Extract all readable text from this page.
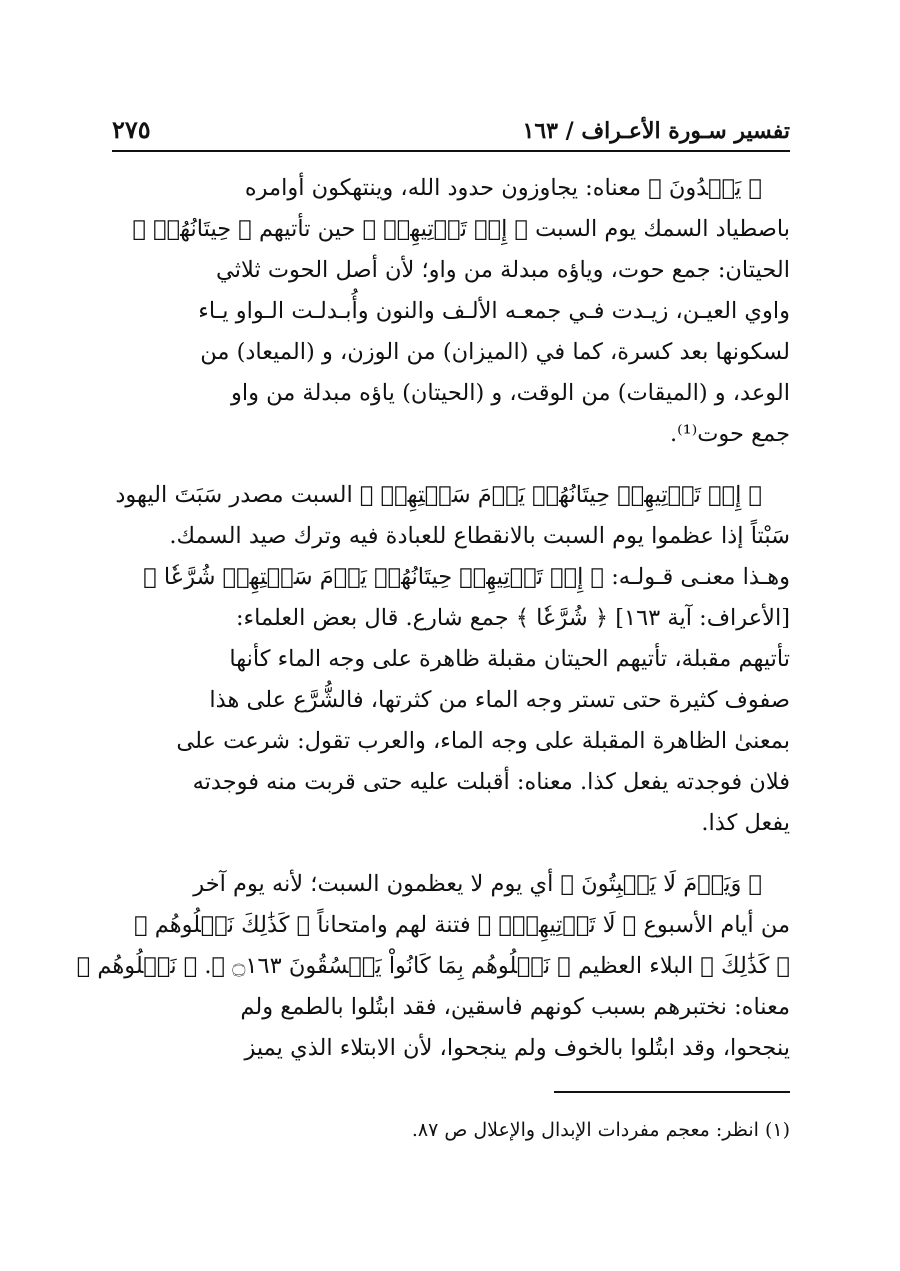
تفسير سـورة الأعـراف / ١٦٣
٢٧٥

﴿ يَعۡدُونَ ﴾ معناه: يجاوزون حدود الله، وينتهكون أوامره
باصطياد السمك يوم السبت ﴿ إِذۡ تَأۡتِيهِمۡ ﴾ حين تأتيهم ﴿ حِيتَانُهُمۡ ﴾
الحيتان: جمع حوت، وياؤه مبدلة من واو؛ لأن أصل الحوت ثلاثي
واوي العيـن، زيـدت فـي جمعـه الألـف والنون وأُبـدلـت الـواو يـاء
لسكونها بعد كسرة، كما في (الميزان) من الوزن، و (الميعاد) من
الوعد، و (الميقات) من الوقت، و (الحيتان) ياؤه مبدلة من واو
جمع حوت⁽¹⁾.

﴿ إِذۡ تَأۡتِيهِمۡ حِيتَانُهُمۡ يَوۡمَ سَبۡتِهِمۡ ﴾ السبت مصدر سَبَتَ اليهود
سَبْتاً إذا عظموا يوم السبت بالانقطاع للعبادة فيه وترك صيد السمك.
وهـذا معنـى قـولـه: ﴿ إِذۡ تَأۡتِيهِمۡ حِيتَانُهُمۡ يَوۡمَ سَبۡتِهِمۡ شُرَّعٗا ﴾
[الأعراف: آية ١٦٣] ﴿ شُرَّعٗا ﴾ جمع شارع. قال بعض العلماء:
تأتيهم مقبلة، تأتيهم الحيتان مقبلة ظاهرة على وجه الماء كأنها
صفوف كثيرة حتى تستر وجه الماء من كثرتها، فالشُّرَّع على هذا
بمعنىٰ الظاهرة المقبلة على وجه الماء، والعرب تقول: شرعت على
فلان فوجدته يفعل كذا. معناه: أقبلت عليه حتى قربت منه فوجدته
يفعل كذا.

﴿ وَيَوۡمَ لَا يَسۡبِتُونَ ﴾ أي يوم لا يعظمون السبت؛ لأنه يوم آخر
من أيام الأسبوع ﴿ لَا تَأۡتِيهِمۡۚ ﴾ فتنة لهم وامتحاناً ﴿ كَذَٰلِكَ نَبۡلُوهُم ﴾
﴿ كَذَٰلِكَ ﴾ البلاء العظيم ﴿ نَبۡلُوهُم بِمَا كَانُواْ يَفۡسُقُونَ ۝١٦٣ ﴾. ﴿ نَبۡلُوهُم ﴾
معناه: نختبرهم بسبب كونهم فاسقين، فقد ابتُلوا بالطمع ولم
ينجحوا، وقد ابتُلوا بالخوف ولم ينجحوا، لأن الابتلاء الذي يميز

(١) انظر: معجم مفردات الإبدال والإعلال ص ٨٧.
